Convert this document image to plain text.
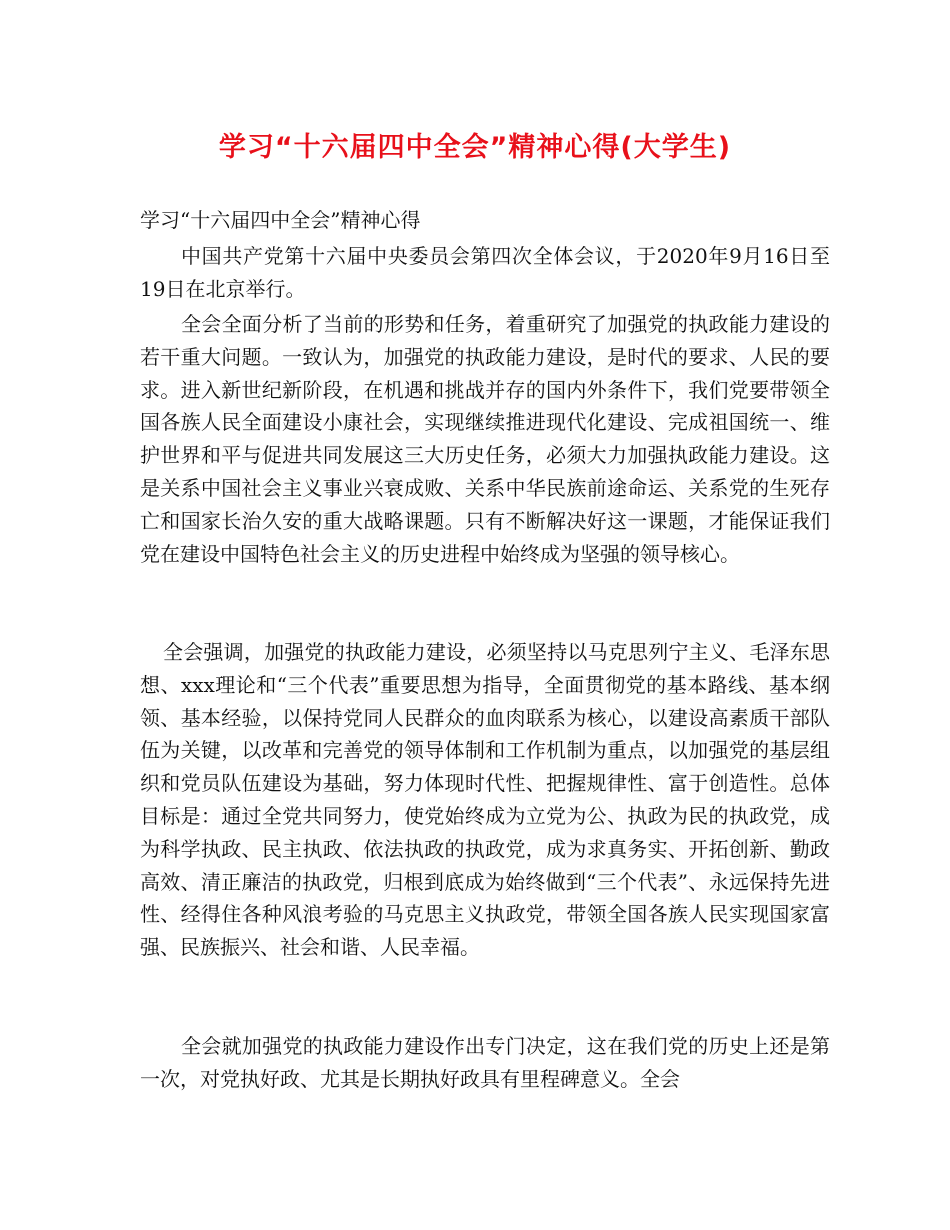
学习“十六届四中全会”精神心得(大学生)
学习“十六届四中全会”精神心得

中国共产党第十六届中央委员会第四次全体会议，于2020年9月16日至19日在北京举行。

全会全面分析了当前的形势和任务，着重研究了加强党的执政能力建设的若干重大问题。一致认为，加强党的执政能力建设，是时代的要求、人民的要求。进入新世纪新阶段，在机遇和挑战并存的国内外条件下，我们党要带领全国各族人民全面建设小康社会，实现继续推进现代化建设、完成祖国统一、维护世界和平与促进共同发展这三大历史任务，必须大力加强执政能力建设。这是关系中国社会主义事业兴衰成败、关系中华民族前途命运、关系党的生死存亡和国家长治久安的重大战略课题。只有不断解决好这一课题，才能保证我们党在建设中国特色社会主义的历史进程中始终成为坚强的领导核心。

全会强调，加强党的执政能力建设，必须坚持以马克思列宁主义、毛泽东思想、xxx理论和“三个代表”重要思想为指导，全面贯彻党的基本路线、基本纲领、基本经验，以保持党同人民群众的血肉联系为核心，以建设高素质干部队伍为关键，以改革和完善党的领导体制和工作机制为重点，以加强党的基层组织和党员队伍建设为基础，努力体现时代性、把握规律性、富于创造性。总体目标是：通过全党共同努力，使党始终成为立党为公、执政为民的执政党，成为科学执政、民主执政、依法执政的执政党，成为求真务实、开拓创新、勤政高效、清正廉洁的执政党，归根到底成为始终做到“三个代表”、永远保持先进性、经得住各种风浪考验的马克思主义执政党，带领全国各族人民实现国家富强、民族振兴、社会和谐、人民幸福。

全会就加强党的执政能力建设作出专门决定，这在我们党的历史上还是第一次，对党执好政、尤其是长期执好政具有里程碑意义。全会
